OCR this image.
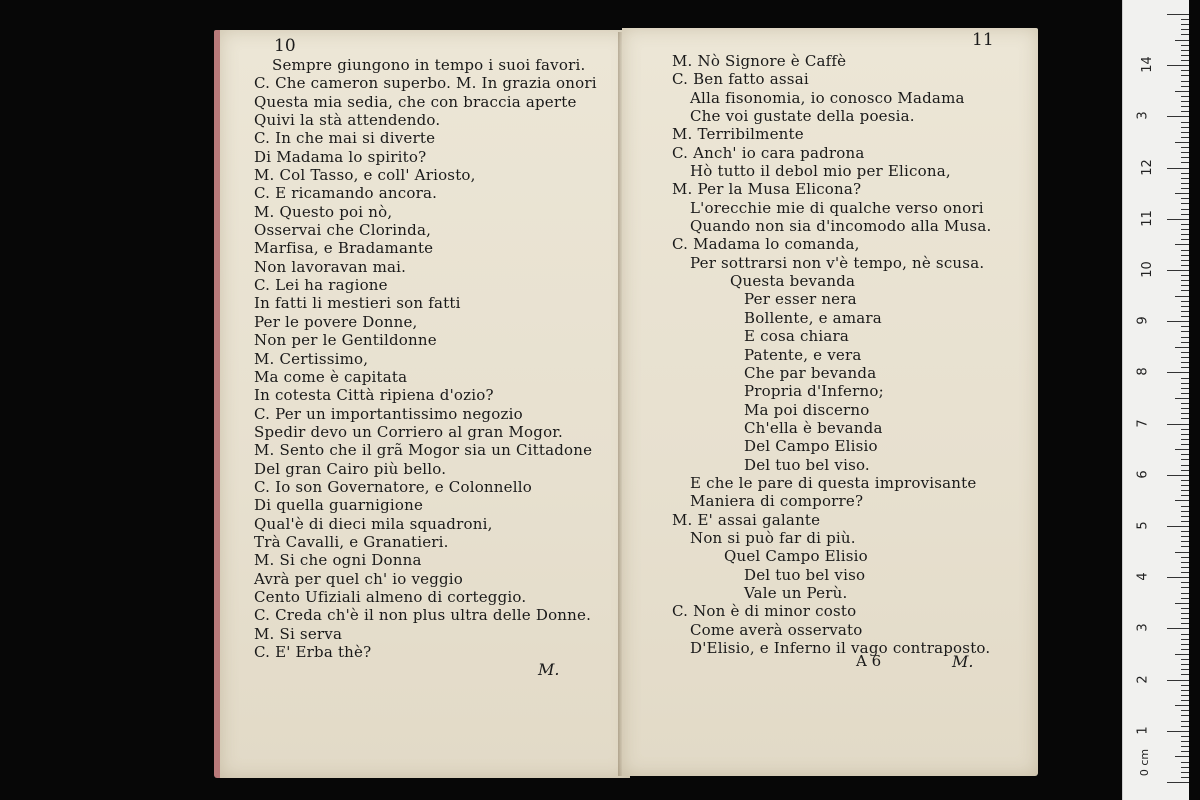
10
Sempre giungono in tempo i suoi favori.
C. Che cameron superbo. M. In grazia onori
Questa mia sedia, che con braccia aperte
Quivi la stà attendendo.
C. In che mai si diverte
Di Madama lo spirito?
M. Col Tasso, e coll' Ariosto,
C. E ricamando ancora.
M. Questo poi nò,
Osservai che Clorinda,
Marfisa, e Bradamante
Non lavoravan mai.
C. Lei ha ragione
In fatti li mestieri son fatti
Per le povere Donne,
Non per le Gentildonne
M. Certissimo,
Ma come è capitata
In cotesta Città ripiena d'ozio?
C. Per un importantissimo negozio
Spedir devo un Corriero al gran Mogor.
M. Sento che il grã Mogor sia un Cittadone
Del gran Cairo più bello.
C. Io son Governatore, e Colonnello
Di quella guarnigione
Qual'è di dieci mila squadroni,
Trà Cavalli, e Granatieri.
M. Si che ogni Donna
Avrà per quel ch' io veggio
Cento Ufiziali almeno di corteggio.
C. Creda ch'è il non plus ultra delle Donne.
M. Si serva
C. E' Erba thè?
M.
11
M. Nò Signore è Caffè
C. Ben fatto assai
Alla fisonomia, io conosco Madama
Che voi gustate della poesia.
M. Terribilmente
C. Anch' io cara padrona
Hò tutto il debol mio per Elicona,
M. Per la Musa Elicona?
L'orecchie mie di qualche verso onori
Quando non sia d'incomodo alla Musa.
C. Madama lo comanda,
Per sottrarsi non v'è tempo, nè scusa.
Questa bevanda
Per esser nera
Bollente, e amara
E cosa chiara
Patente, e vera
Che par bevanda
Propria d'Inferno;
Ma poi discerno
Ch'ella è bevanda
Del Campo Elisio
Del tuo bel viso.
E che le pare di questa improvisante
Maniera di comporre?
M. E' assai galante
Non si può far di più.
Quel Campo Elisio
Del tuo bel viso
Vale un Perù.
C. Non è di minor costo
Come averà osservato
D'Elisio, e Inferno il vago contraposto.
A 6	M.
0 cm
14
3
12
11
10
9
8
7
6
5
4
3
2
1
